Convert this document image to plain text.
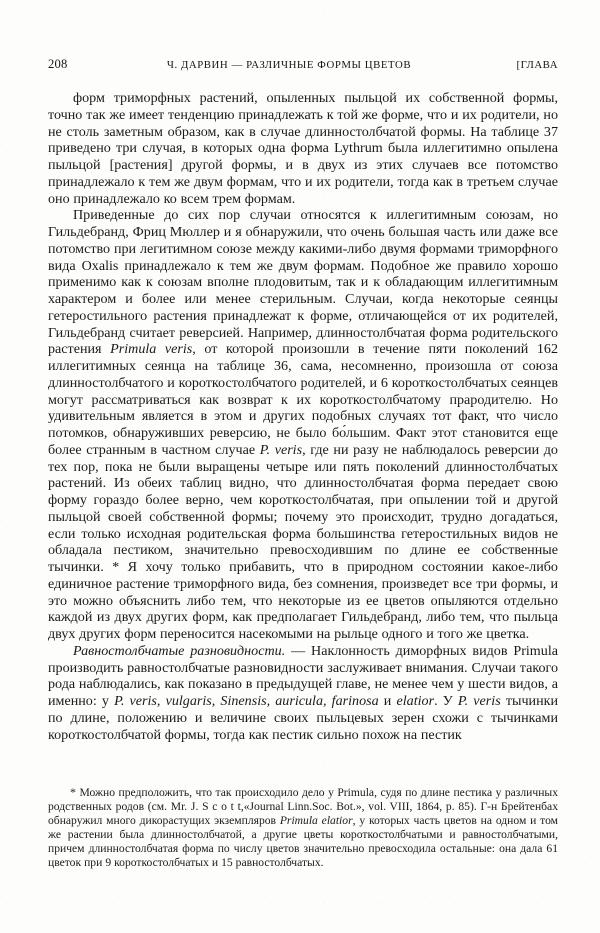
208	Ч. ДАРВИН — РАЗЛИЧНЫЕ ФОРМЫ ЦВЕТОВ	[ГЛАВА

форм триморфных растений, опыленных пыльцой их собственной формы, точно так же имеет тенденцию принадлежать к той же форме, что и их родители, но не столь заметным образом, как в случае длинностолбчатой формы. На таблице 37 приведено три случая, в которых одна форма Lythrum была иллегитимно опылена пыльцой [растения] другой формы, и в двух из этих случаев все потомство принадлежало к тем же двум формам, что и их родители, тогда как в третьем случае оно принадлежало ко всем трем формам.

Приведенные до сих пор случаи относятся к иллегитимным союзам, но Гильдебранд, Фриц Мюллер и я обнаружили, что очень большая часть или даже все потомство при легитимном союзе между какими-либо двумя формами триморфного вида Oxalis принадлежало к тем же двум формам. Подобное же правило хорошо применимо как к союзам вполне плодовитым, так и к обладающим иллегитимным характером и более или менее стерильным. Случаи, когда некоторые сеянцы гетеростильного растения принадлежат к форме, отличающейся от их родителей, Гильдебранд считает реверсией. Например, длинностолбчатая форма родительского растения Primula veris, от которой произошли в течение пяти поколений 162 иллегитимных сеянца на таблице 36, сама, несомненно, произошла от союза длинностолбчатого и короткостолбчатого родителей, и 6 короткостолбчатых сеянцев могут рассматриваться как возврат к их короткостолбчатому прародителю. Но удивительным является в этом и других подобных случаях тот факт, что число потомков, обнаруживших реверсию, не было бо́льшим. Факт этот становится еще более странным в частном случае P. veris, где ни разу не наблюдалось реверсии до тех пор, пока не были выращены четыре или пять поколений длинностолбчатых растений. Из обеих таблиц видно, что длинностолбчатая форма передает свою форму гораздо более верно, чем короткостолбчатая, при опылении той и другой пыльцой своей собственной формы; почему это происходит, трудно догадаться, если только исходная родительская форма большинства гетеростильных видов не обладала пестиком, значительно превосходившим по длине ее собственные тычинки. * Я хочу только прибавить, что в природном состоянии какое-либо единичное растение триморфного вида, без сомнения, произведет все три формы, и это можно объяснить либо тем, что некоторые из ее цветов опыляются отдельно каждой из двух других форм, как предполагает Гильдебранд, либо тем, что пыльца двух других форм переносится насекомыми на рыльце одного и того же цветка.

Равностолбчатые разновидности. — Наклонность диморфных видов Primula производить равностолбчатые разновидности заслуживает внимания. Случаи такого рода наблюдались, как показано в предыдущей главе, не менее чем у шести видов, а именно: у P. veris, vulgaris, Sinensis, auricula, farinosa и elatior. У P. veris тычинки по длине, положению и величине своих пыльцевых зерен схожи с тычинками короткостолбчатой формы, тогда как пестик сильно похож на пестик

* Можно предположить, что так происходило дело у Primula, судя по длине пестика у различных родственных родов (см. Mr. J. S c o t t,«Journal Linn.Soc. Bot.», vol. VIII, 1864, p. 85). Г-н Брейтенбах обнаружил много дикорастущих экземпляров Primula elatior, у которых часть цветов на одном и том же растении была длинностолбчатой, а другие цветы короткостолбчатыми и равностолбчатыми, причем длинностолбчатая форма по числу цветов значительно превосходила остальные: она дала 61 цветок при 9 короткостолбчатых и 15 равностолбчатых.
